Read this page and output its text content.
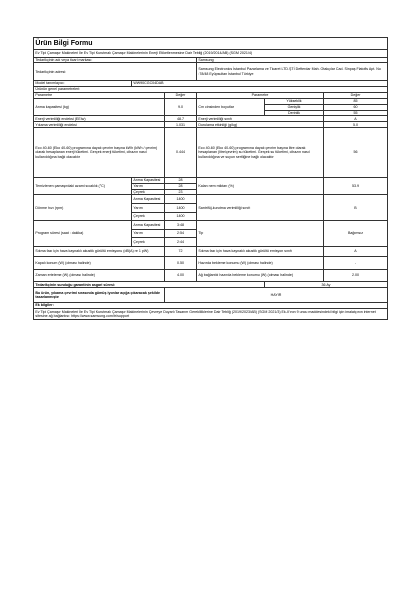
Ürün Bilgi Formu					
Ev Tipi Çamaşır Makineleri İle Ev Tipi Kurutmalı Çamaşır Makinelerinin Enerji Etiketlenmesine Dair Tebliğ (2019/2014/AB) (SGM 2021/4)					
Tedarikçinin adı veya ticari markası:			Samsung		
Tedarikçinin adresi:			Samsung Electronics İstanbul Pazarlama ve Ticaret LTD.ŞTİ Defterdar Mah. Otakçılar Cad. Sinpaş Flatofis Apt. No :78/48 Eyüpsultan İstanbul Türkiye		
Model tanımlayıcı:	WW90CGC04DAB				
Ürünün genel parametreleri:					
Parametre		Değer	Parametre		Değer
Anma kapasitesi (kg)		9.0	Cm cinsinden boyutlar	Yükseklik	85
				Genişlik	60
				Derinlik	55
Enerji verimliliği endeksi (EEIw)		48.7	Enerji verimliliği sınıfı		A
Yıkama verimliliği endeksi		1.031	Durulama etkinliği (g/kg)		5.0
Eco 40-60 (Eko 40-60) programına dayalı çevrim başına kWh (kWh / çevrim) olarak hesaplanan enerji tüketimi. Gerçek enerji tüketimi, cihazın nasıl kullanıldığına bağlı olacaktır		0.444	Eco 40-60 (Eko 40-60) programına dayalı çevrim başına litre olarak hesaplanan (litre/çevrim) su tüketimi. Gerçek su tüketimi, cihazın nasıl kullanıldığına ve suyun sertliğine bağlı olacaktır		56
Temizlenen çamaşırdaki azami sıcaklık (°C)	Anma Kapasitesi	28	Kalan nem miktarı (%)		53.9
	Yarım	28			
	Çeyrek	23			
Dönme hızı (rpm)	Anma Kapasitesi	1400	Santrifüj-kurutma verimliliği sınıfı		B
	Yarım	1400			
	Çeyrek	1400			
Program süresi (saat : dakika)	Anma Kapasitesi	3:48	Tip		Bağımsız
	Yarım	2:54			
	Çeyrek	2:44			
Sıkma fazı için hava kaynaklı akustik gürültü emisyonu (dB(A) re 1 pW)		72	Sıkma fazı için hava kaynaklı akustik gürültü emisyon sınıfı		A
Kapalı konum (W) (olması halinde)		0.50	Hazırda bekleme konumu (W) (olması halinde)		-
Zaman erteleme (W) (olması halinde)		4.00	Ağ bağlantılı hazırda bekleme konumu (W) (olması halinde)		2.00
Tedarikçinin sunduğu garantinin asgari süresi:				36 Ay	
Bu ürün, yıkama çevrimi sırasında gümüş iyonlar açığa çıkaracak şekilde tasarlanmıştır		HAYIR			
Ek bilgiler:					
Ev Tipi Çamaşır Makineleri İle Ev Tipi Kurutmalı Çamaşır Makinelerinin Çevreye Duyarlı Tasarım Gerekliliklerine Dair Tebliğ (2019/2023/AB) (SGM 2021/3) Ek-II'ının 9 uncu maddesindeki bilgi için imalatçının internet sitesine ağ bağlantısı: https://www.samsung.com/tr/support					
